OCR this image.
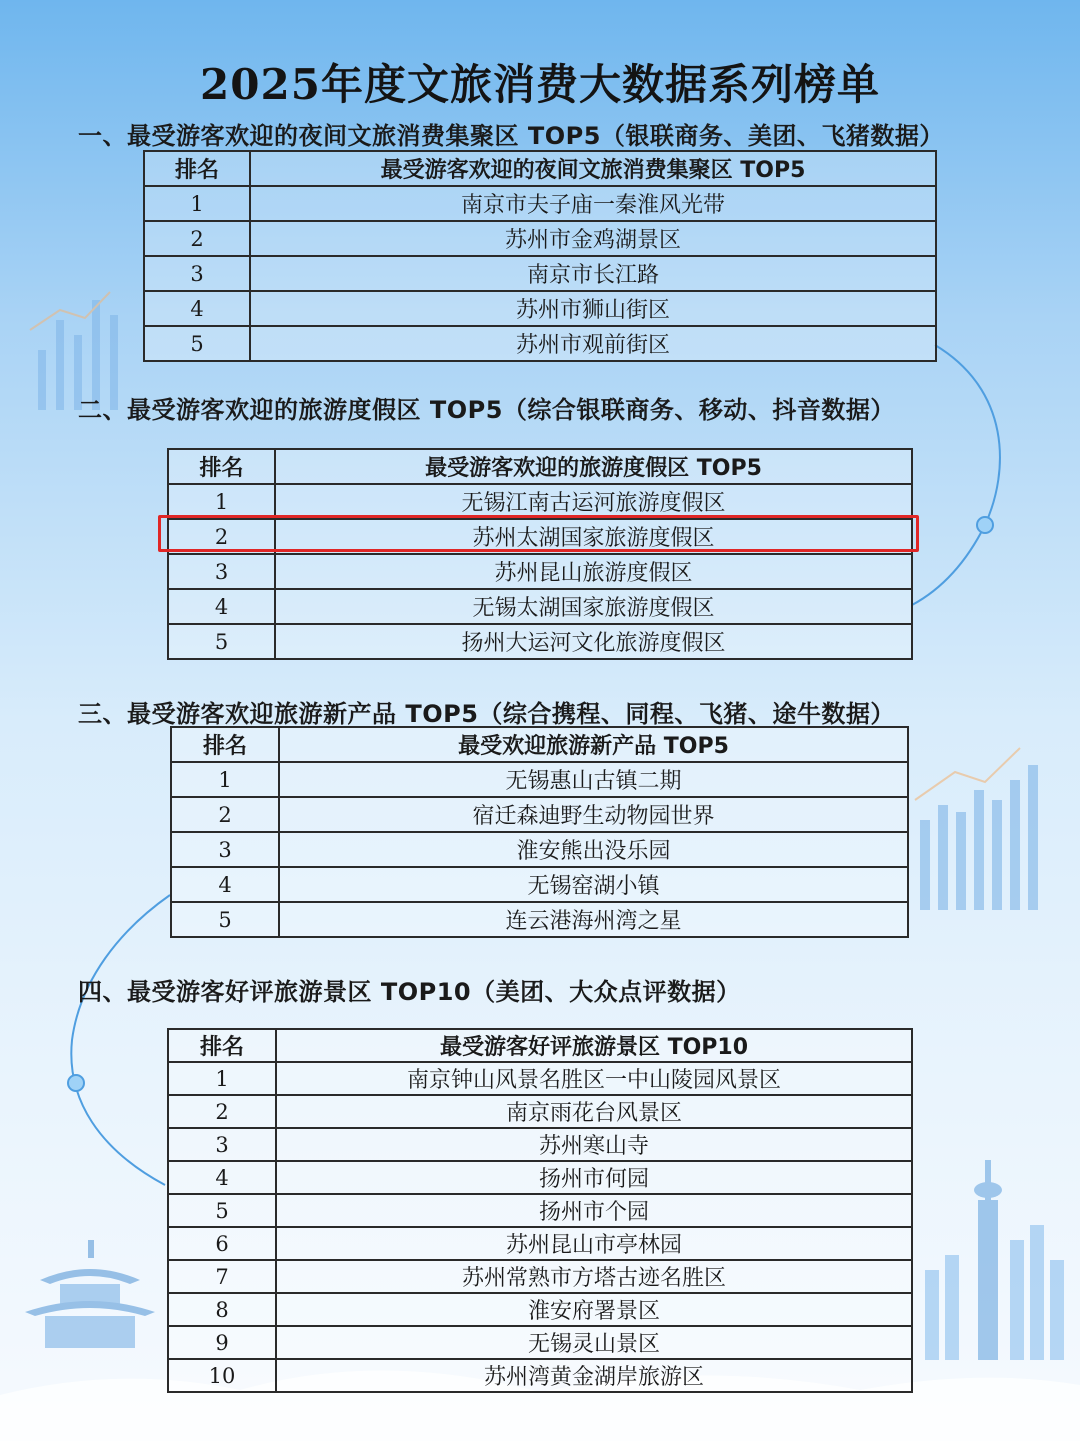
2025年度文旅消费大数据系列榜单
一、最受游客欢迎的夜间文旅消费集聚区 TOP5（银联商务、美团、飞猪数据）
排名	最受游客欢迎的夜间文旅消费集聚区 TOP5
1	南京市夫子庙一秦淮风光带
2	苏州市金鸡湖景区
3	南京市长江路
4	苏州市狮山街区
5	苏州市观前街区
二、最受游客欢迎的旅游度假区 TOP5（综合银联商务、移动、抖音数据）
排名	最受游客欢迎的旅游度假区 TOP5
1	无锡江南古运河旅游度假区
2	苏州太湖国家旅游度假区
3	苏州昆山旅游度假区
4	无锡太湖国家旅游度假区
5	扬州大运河文化旅游度假区
三、最受游客欢迎旅游新产品 TOP5（综合携程、同程、飞猪、途牛数据）
排名	最受欢迎旅游新产品 TOP5
1	无锡惠山古镇二期
2	宿迁森迪野生动物园世界
3	淮安熊出没乐园
4	无锡窑湖小镇
5	连云港海州湾之星
四、最受游客好评旅游景区 TOP10（美团、大众点评数据）
排名	最受游客好评旅游景区 TOP10
1	南京钟山风景名胜区一中山陵园风景区
2	南京雨花台风景区
3	苏州寒山寺
4	扬州市何园
5	扬州市个园
6	苏州昆山市亭林园
7	苏州常熟市方塔古迹名胜区
8	淮安府署景区
9	无锡灵山景区
10	苏州湾黄金湖岸旅游区
